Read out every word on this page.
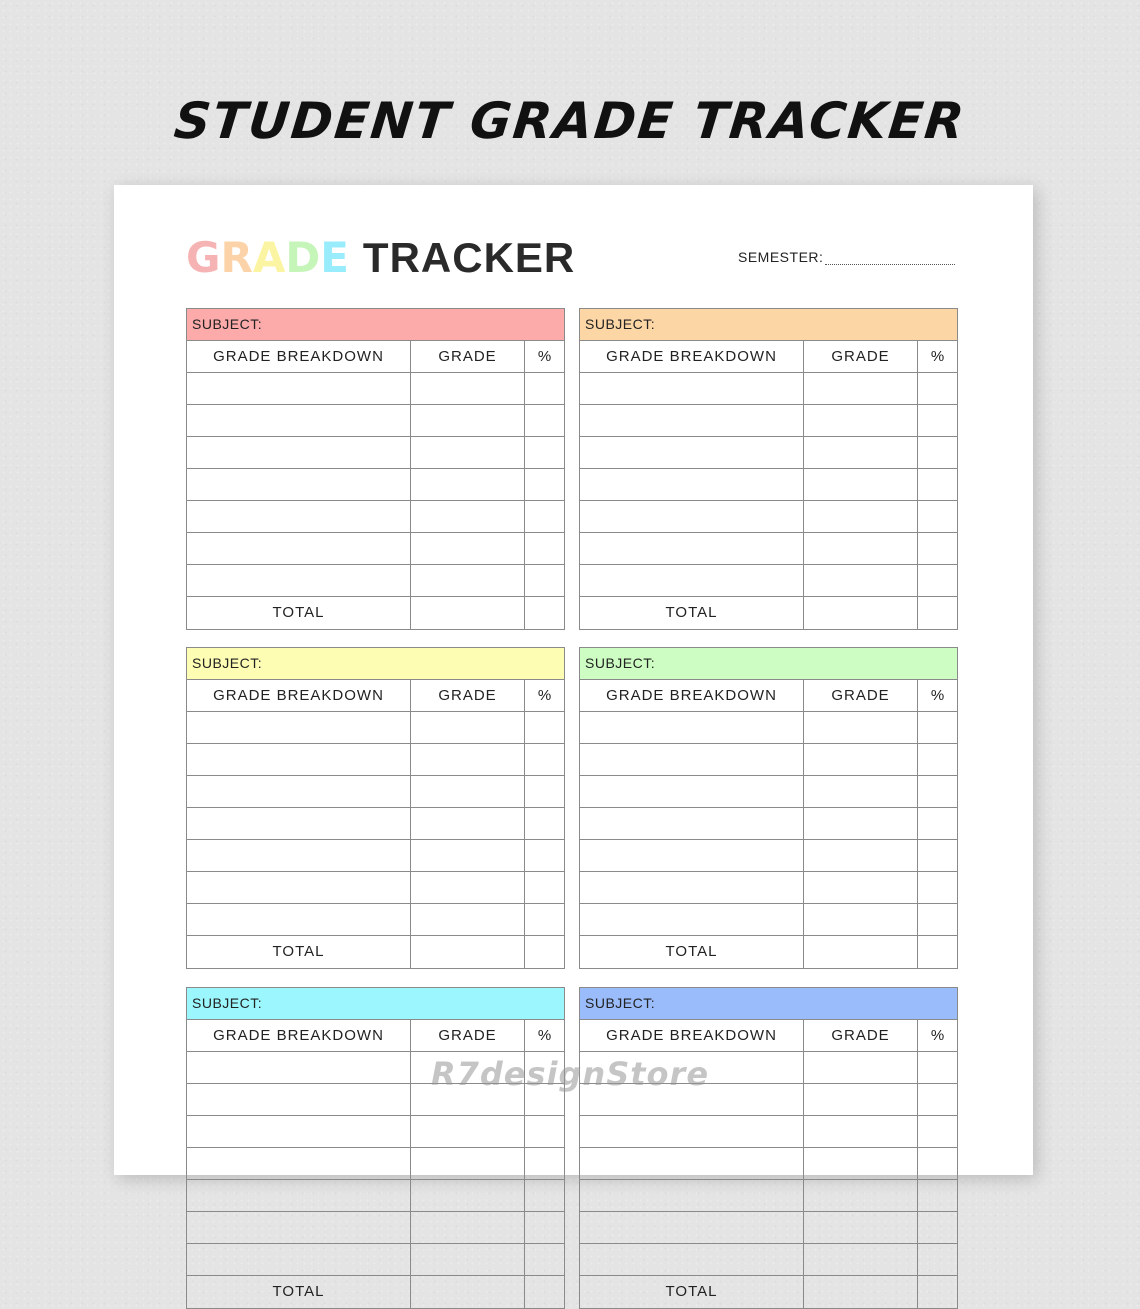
STUDENT GRADE TRACKER
GRADE TRACKER	SEMESTER:
SUBJECT:
GRADE BREAKDOWN	GRADE	%
TOTAL
SUBJECT:
GRADE BREAKDOWN	GRADE	%
TOTAL
SUBJECT:
GRADE BREAKDOWN	GRADE	%
TOTAL
SUBJECT:
GRADE BREAKDOWN	GRADE	%
TOTAL
SUBJECT:
GRADE BREAKDOWN	GRADE	%
TOTAL
SUBJECT:
GRADE BREAKDOWN	GRADE	%
TOTAL
R7designStore
